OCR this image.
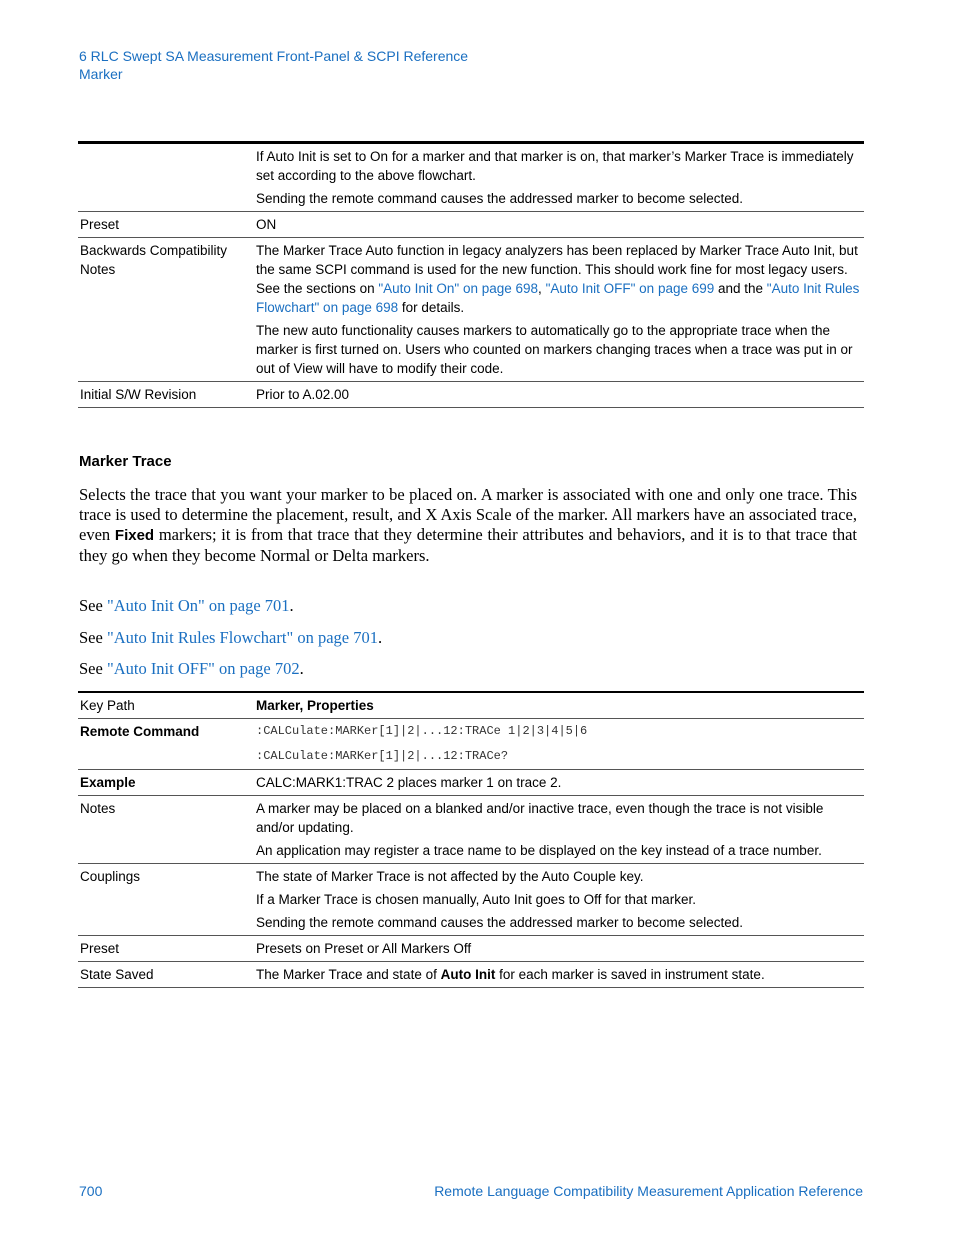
6 RLC Swept SA Measurement Front-Panel & SCPI Reference
Marker

	If Auto Init is set to On for a marker and that marker is on, that marker’s Marker Trace is immediately set according to the above flowchart.

Sending the remote command causes the addressed marker to become selected.

Preset	ON
Backwards Compatibility Notes	The Marker Trace Auto function in legacy analyzers has been replaced by Marker Trace Auto Init, but the same SCPI command is used for the new function. This should work fine for most legacy users. See the sections on "Auto Init On" on page 698, "Auto Init OFF" on page 699 and the "Auto Init Rules Flowchart" on page 698 for details.

The new auto functionality causes markers to automatically go to the appropriate trace when the marker is first turned on. Users who counted on markers changing traces when a trace was put in or out of View will have to modify their code.

Initial S/W Revision	Prior to A.02.00
Marker Trace

Selects the trace that you want your marker to be placed on. A marker is associated with one and only one trace. This trace is used to determine the placement, result, and X Axis Scale of the marker. All markers have an associated trace, even Fixed markers; it is from that trace that they determine their attributes and behaviors, and it is to that trace that they go when they become Normal or Delta markers.

See "Auto Init On" on page 701.

See "Auto Init Rules Flowchart" on page 701.

See "Auto Init OFF" on page 702.

Key Path	Marker, Properties
Remote Command	:CALCulate:MARKer[1]|2|...12:TRACe 1|2|3|4|5|6

:CALCulate:MARKer[1]|2|...12:TRACe?

Example	CALC:MARK1:TRAC 2 places marker 1 on trace 2.
Notes	A marker may be placed on a blanked and/or inactive trace, even though the trace is not visible and/or updating.

An application may register a trace name to be displayed on the key instead of a trace number.

Couplings	The state of Marker Trace is not affected by the Auto Couple key.

If a Marker Trace is chosen manually, Auto Init goes to Off for that marker.

Sending the remote command causes the addressed marker to become selected.

Preset	Presets on Preset or All Markers Off
State Saved	The Marker Trace and state of Auto Init for each marker is saved in instrument state.
700	Remote Language Compatibility Measurement Application Reference
